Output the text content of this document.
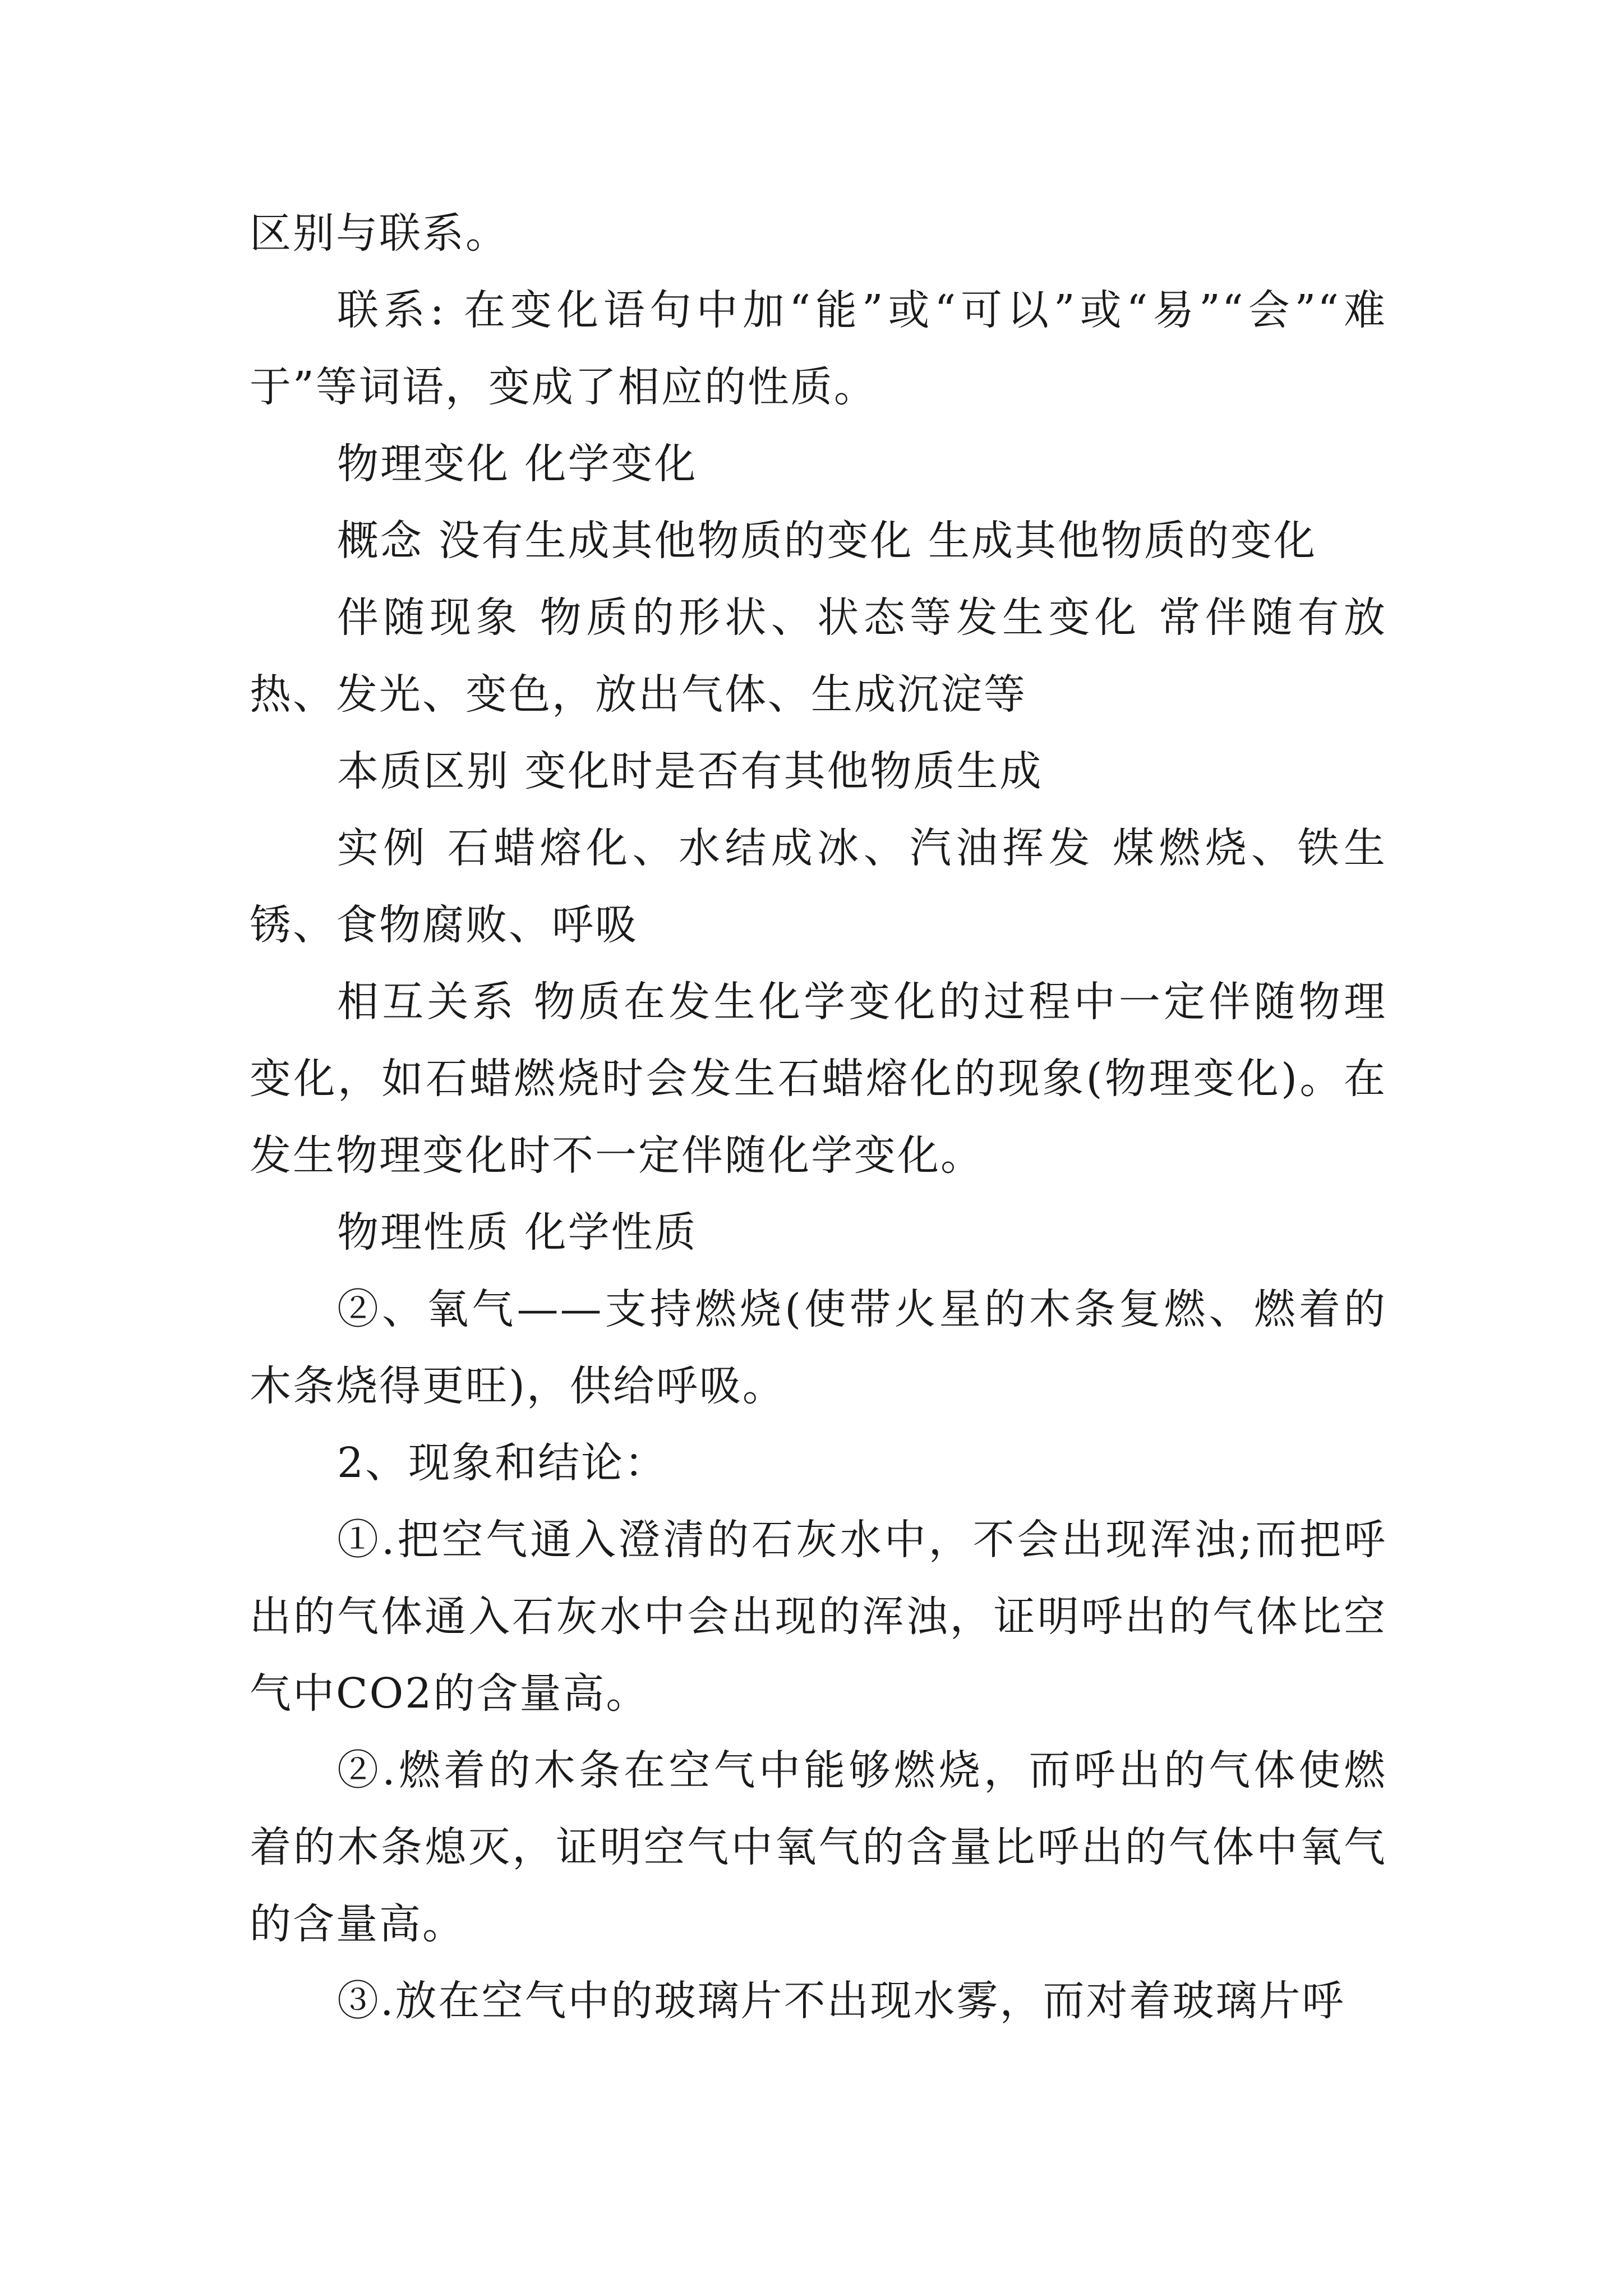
区别与联系。

联系: 在变化语句中加“能”或“可以”或“易”“会”“难于”等词语，变成了相应的性质。

物理变化 化学变化

概念 没有生成其他物质的变化 生成其他物质的变化

伴随现象 物质的形状、状态等发生变化 常伴随有放热、发光、变色，放出气体、生成沉淀等

本质区别 变化时是否有其他物质生成

实例 石蜡熔化、水结成冰、汽油挥发 煤燃烧、铁生锈、食物腐败、呼吸

相互关系 物质在发生化学变化的过程中一定伴随物理变化，如石蜡燃烧时会发生石蜡熔化的现象(物理变化)。在发生物理变化时不一定伴随化学变化。

物理性质 化学性质

②、氧气——支持燃烧(使带火星的木条复燃、燃着的木条烧得更旺)，供给呼吸。

2、现象和结论：

①.把空气通入澄清的石灰水中，不会出现浑浊;而把呼出的气体通入石灰水中会出现的浑浊，证明呼出的气体比空气中CO2的含量高。

②.燃着的木条在空气中能够燃烧，而呼出的气体使燃着的木条熄灭，证明空气中氧气的含量比呼出的气体中氧气的含量高。

③.放在空气中的玻璃片不出现水雾，而对着玻璃片呼
